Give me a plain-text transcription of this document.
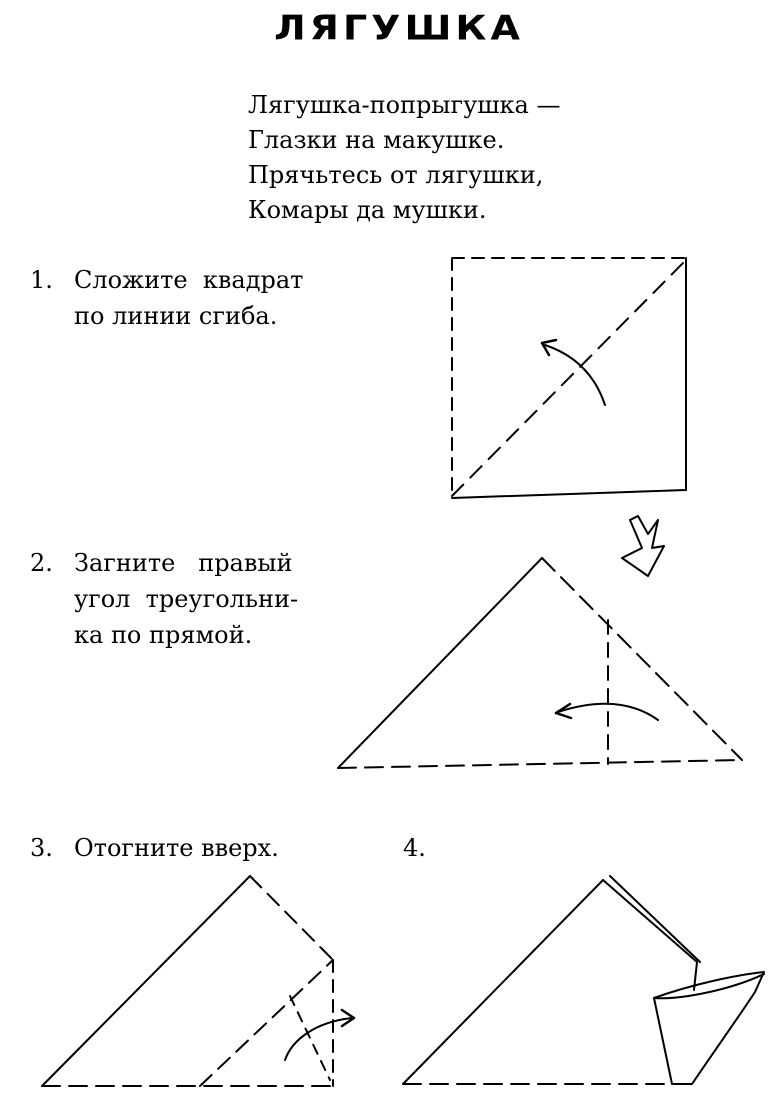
ЛЯГУШКА
Лягушка-попрыгушка —
Глазки на макушке.
Прячьтесь от лягушки,
Комары да мушки.
1. Сложите  квадрат
по линии сгиба.
2. Загните   правый
угол  треугольни-
ка по прямой.
3. Отогните вверх.	4.
